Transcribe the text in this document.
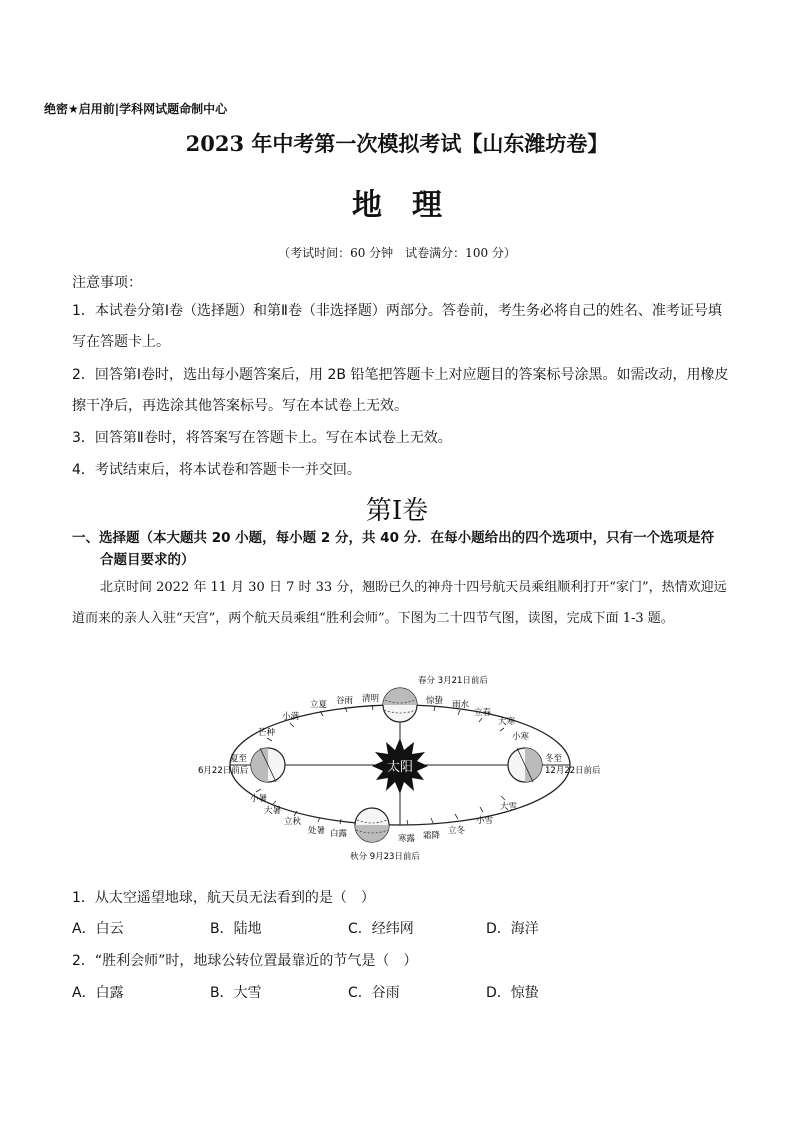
绝密★启用前|学科网试题命制中心
2023 年中考第一次模拟考试【山东潍坊卷】
地理
（考试时间：60 分钟　试卷满分：100 分）
注意事项：
1．本试卷分第Ⅰ卷（选择题）和第Ⅱ卷（非选择题）两部分。答卷前，考生务必将自己的姓名、准考证号填写在答题卡上。
2．回答第Ⅰ卷时，选出每小题答案后，用 2B 铅笔把答题卡上对应题目的答案标号涂黑。如需改动，用橡皮擦干净后，再选涂其他答案标号。写在本试卷上无效。
3．回答第Ⅱ卷时，将答案写在答题卡上。写在本试卷上无效。
4．考试结束后，将本试卷和答题卡一并交回。
第Ⅰ卷
一、选择题（本大题共 20 小题，每小题 2 分，共 40 分．在每小题给出的四个选项中，只有一个选项是符
合题目要求的）
北京时间 2022 年 11 月 30 日 7 时 33 分，翘盼已久的神舟十四号航天员乘组顺利打开“家门”，热情欢迎远道而来的亲人入驻“天宫”，两个航天员乘组“胜利会师”。下图为二十四节气图，读图，完成下面 1-3 题。
太阳
春分 3月21日前后
夏至
6月22日前后
秋分 9月23日前后
冬至
12月22日前后
立夏 谷雨 清明	惊蛰 雨水
立春
大寒
小寒
小满
芒种
小暑
大暑
立秋
处暑 白露	寒露 霜降 立冬
小雪
大雪
1．从太空遥望地球，航天员无法看到的是（　）
A．白云	B．陆地	C．经纬网	D．海洋
2．“胜利会师”时，地球公转位置最靠近的节气是（　）
A．白露	B．大雪	C．谷雨	D．惊蛰
